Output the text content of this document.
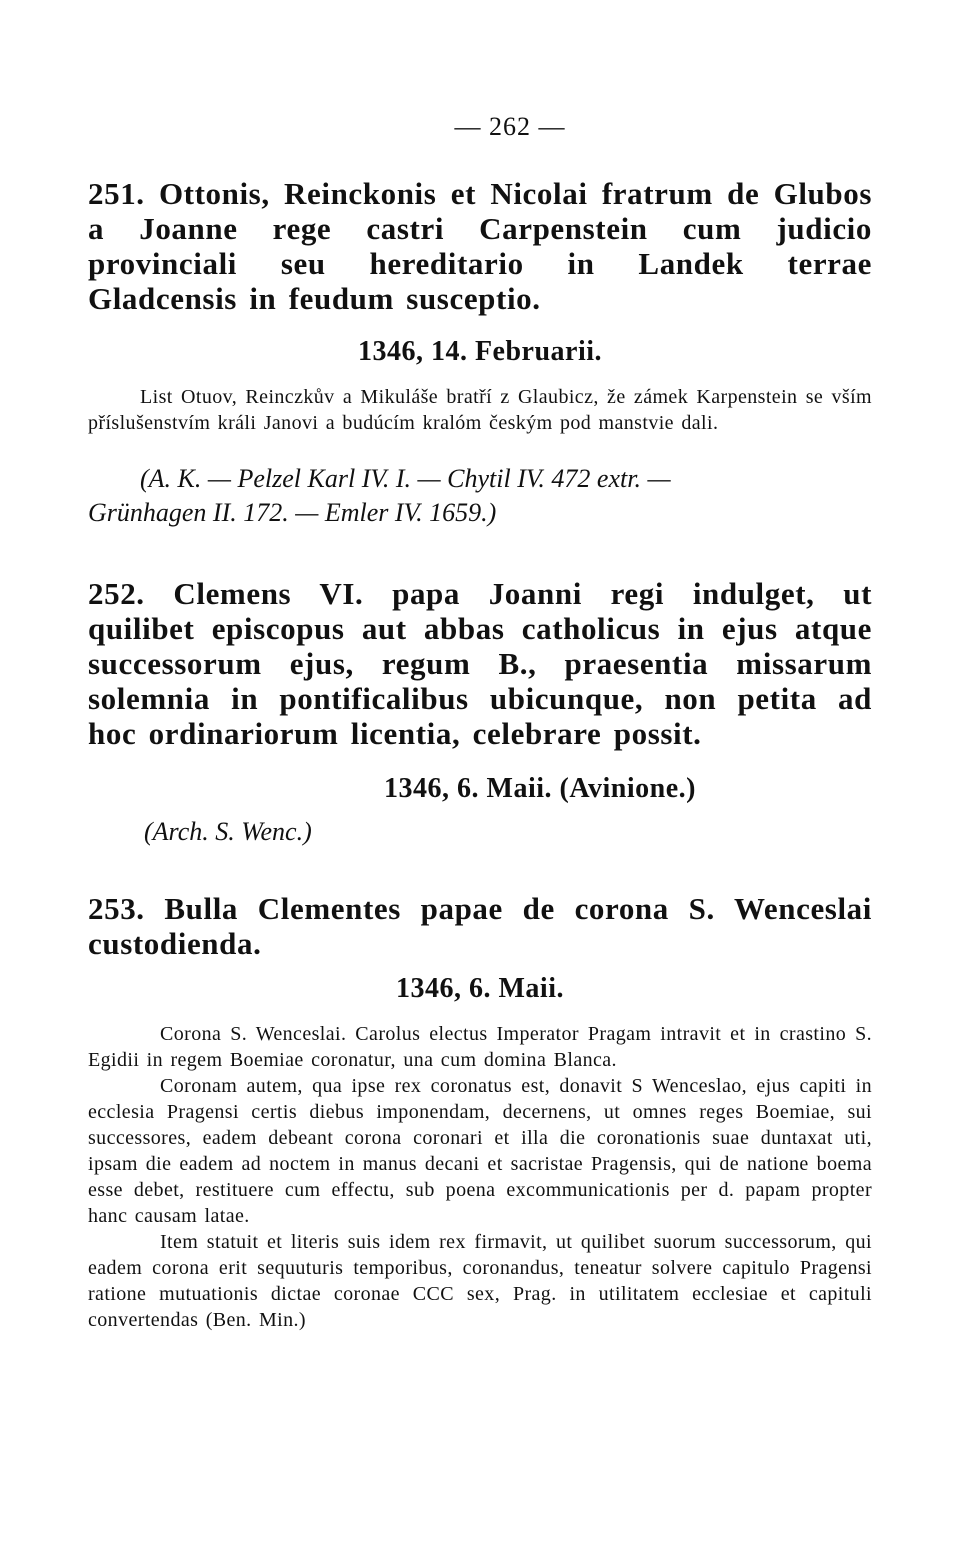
— 262 —

251. Ottonis, Reinckonis et Nicolai fratrum de Glubos a Joanne rege castri Carpenstein cum judicio provinciali seu hereditario in Landek terrae Gladcensis in feudum susceptio.

1346, 14. Februarii.

List Otuov, Reinczkův a Mikuláše bratří z Glaubicz, že zámek Karpenstein se vším příslušenstvím králi Janovi a budúcím kralóm českým pod manstvie dali.

(A. K. — Pelzel Karl IV. I. — Chytil IV. 472 extr. —

Grünhagen II. 172. — Emler IV. 1659.)

252. Clemens VI. papa Joanni regi indulget, ut quilibet episcopus aut abbas catholicus in ejus atque successorum ejus, regum B., praesentia missarum solemnia in pontificalibus ubicunque, non petita ad hoc ordinariorum licentia, celebrare possit.

1346, 6. Maii. (Avinione.)

(Arch. S. Wenc.)

253. Bulla Clementes papae de corona S. Wenceslai custodienda.

1346, 6. Maii.

Corona S. Wenceslai. Carolus electus Imperator Pragam intravit et in crastino S. Egidii in regem Boemiae coronatur, una cum domina Blanca.

Coronam autem, qua ipse rex coronatus est, donavit S Wenceslao, ejus capiti in ecclesia Pragensi certis diebus imponendam, decernens, ut omnes reges Boemiae, sui successores, eadem debeant corona coronari et illa die coronationis suae duntaxat uti, ipsam die eadem ad noctem in manus decani et sacristae Pragensis, qui de natione boema esse debet, restituere cum effectu, sub poena excommunicationis per d. papam propter hanc causam latae.

Item statuit et literis suis idem rex firmavit, ut quilibet suorum successorum, qui eadem corona erit sequuturis temporibus, coronandus, teneatur solvere capitulo Pragensi ratione mutuationis dictae coronae CCC sex, Prag. in utilitatem ecclesiae et capituli convertendas (Ben. Min.)
